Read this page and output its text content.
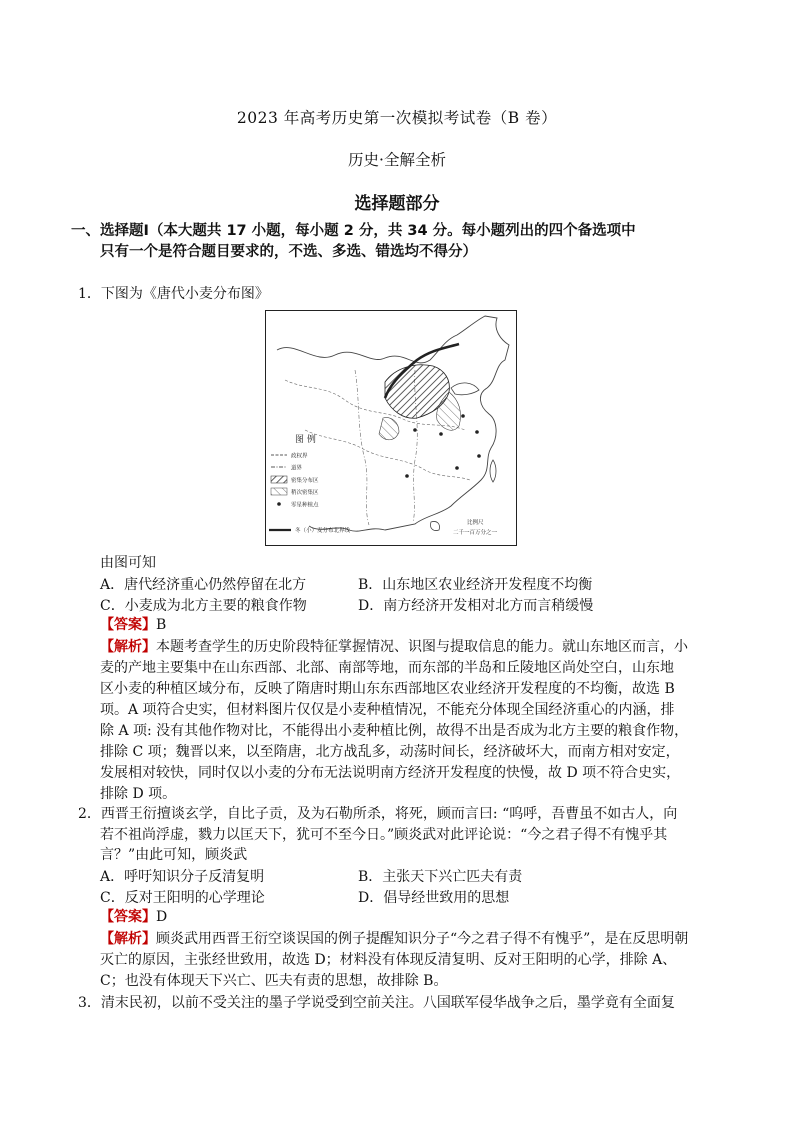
2023 年高考历史第一次模拟考试卷（B 卷）
历史·全解全析
选择题部分
一、选择题Ⅰ（本大题共 17 小题，每小题 2 分，共 34 分。每小题列出的四个备选项中
只有一个是符合题目要求的，不选、多选、错选均不得分）
1．下图为《唐代小麦分布图》
图 例
政权界
道界
密集分布区
稍次密集区
零星种植点
冬（小）麦分布北界线
比例尺
二千一百万分之一
由图可知
A．唐代经济重心仍然停留在北方	B．山东地区农业经济开发程度不均衡
C．小麦成为北方主要的粮食作物	D．南方经济开发相对北方而言稍缓慢
【答案】B
【解析】本题考查学生的历史阶段特征掌握情况、识图与提取信息的能力。就山东地区而言，小
麦的产地主要集中在山东西部、北部、南部等地，而东部的半岛和丘陵地区尚处空白，山东地
区小麦的种植区域分布，反映了隋唐时期山东东西部地区农业经济开发程度的不均衡，故选 B
项。A 项符合史实，但材料图片仅仅是小麦种植情况，不能充分体现全国经济重心的内涵，排
除 A 项: 没有其他作物对比，不能得出小麦种植比例，故得不出是否成为北方主要的粮食作物，
排除 C 项；魏晋以来，以至隋唐，北方战乱多，动荡时间长，经济破坏大，而南方相对安定，
发展相对较快，同时仅以小麦的分布无法说明南方经济开发程度的快慢，故 D 项不符合史实，
排除 D 项。
2．西晋王衍擅谈玄学，自比子贡，及为石勒所杀，将死，顾而言曰: “呜呼，吾曹虽不如古人，向
若不祖尚浮虚，戮力以匡天下，犹可不至今日。”顾炎武对此评论说：“今之君子得不有愧乎其
言？”由此可知，顾炎武
A．呼吁知识分子反清复明	B．主张天下兴亡匹夫有责
C．反对王阳明的心学理论	D．倡导经世致用的思想
【答案】D
【解析】顾炎武用西晋王衍空谈误国的例子提醒知识分子“今之君子得不有愧乎”，是在反思明朝
灭亡的原因，主张经世致用，故选 D；材料没有体现反清复明、反对王阳明的心学，排除 A、
C；也没有体现天下兴亡、匹夫有责的思想，故排除 B。
3．清末民初，以前不受关注的墨子学说受到空前关注。八国联军侵华战争之后，墨学竟有全面复
